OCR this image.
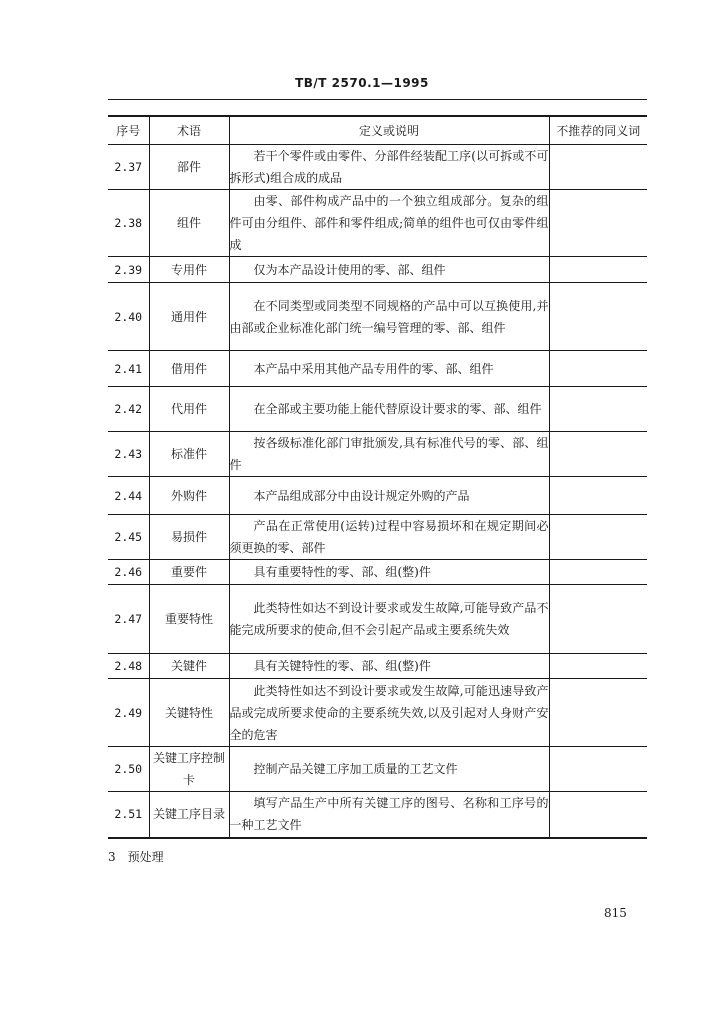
TB/T 2570.1—1995
序号	术语	定义或说明	不推荐的同义词
2.37	部件	若干个零件或由零件、分部件经装配工序(以可拆或不可拆形式)组合成的成品	

2.38	组件	由零、部件构成产品中的一个独立组成部分。复杂的组件可由分组件、部件和零件组成;简单的组件也可仅由零件组成	

2.39	专用件	仅为本产品设计使用的零、部、组件	

2.40	通用件	在不同类型或同类型不同规格的产品中可以互换使用,并由部或企业标准化部门统一编号管理的零、部、组件	

2.41	借用件	本产品中采用其他产品专用件的零、部、组件	

2.42	代用件	在全部或主要功能上能代替原设计要求的零、部、组件	

2.43	标准件	按各级标准化部门审批颁发,具有标准代号的零、部、组件	

2.44	外购件	本产品组成部分中由设计规定外购的产品	

2.45	易损件	产品在正常使用(运转)过程中容易损坏和在规定期间必须更换的零、部件	

2.46	重要件	具有重要特性的零、部、组(整)件	

2.47	重要特性	此类特性如达不到设计要求或发生故障,可能导致产品不能完成所要求的使命,但不会引起产品或主要系统失效	

2.48	关键件	具有关键特性的零、部、组(整)件	

2.49	关键特性	此类特性如达不到设计要求或发生故障,可能迅速导致产品或完成所要求使命的主要系统失效,以及引起对人身财产安全的危害	

2.50	关键工序控制卡	控制产品关键工序加工质量的工艺文件	

2.51	关键工序目录	填写产品生产中所有关键工序的图号、名称和工序号的一种工艺文件	

3 预处理
815
